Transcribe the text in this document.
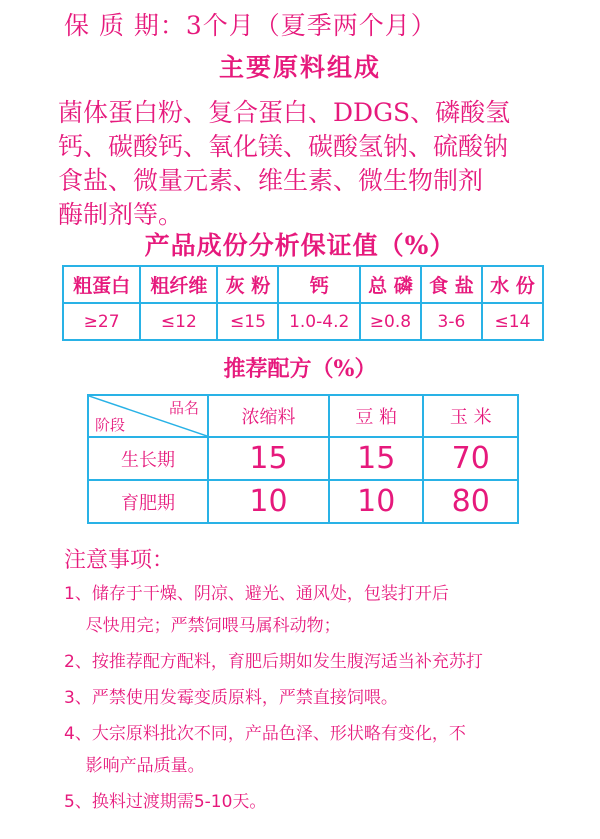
保 质 期：3个月（夏季两个月）
主要原料组成
菌体蛋白粉、复合蛋白、DDGS、磷酸氢
钙、碳酸钙、氧化镁、碳酸氢钠、硫酸钠
食盐、微量元素、维生素、微生物制剂
酶制剂等。
产品成份分析保证值（%）
粗蛋白	粗纤维	灰 粉	钙	总 磷	食 盐	水 份
≥27	≤12	≤15	1.0-4.2	≥0.8	3-6	≤14
推荐配方（%）
品名
阶段	浓缩料	豆 粕	玉 米
生长期	15	15	70
育肥期	10	10	80
注意事项：
1、储存于干燥、阴凉、避光、通风处，包装打开后
尽快用完；严禁饲喂马属科动物；
2、按推荐配方配料，育肥后期如发生腹泻适当补充苏打
3、严禁使用发霉变质原料，严禁直接饲喂。
4、大宗原料批次不同，产品色泽、形状略有变化，不
影响产品质量。
5、换料过渡期需5-10天。
